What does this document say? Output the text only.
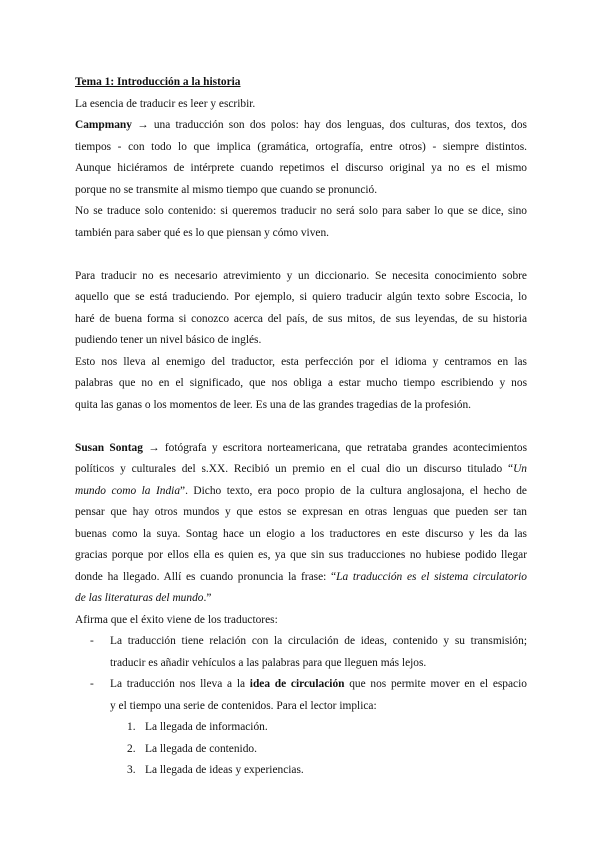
Tema 1: Introducción a la historia
La esencia de traducir es leer y escribir.
Campmany → una traducción son dos polos: hay dos lenguas, dos culturas, dos textos, dos
tiempos - con todo lo que implica (gramática, ortografía, entre otros) - siempre distintos.
Aunque hiciéramos de intérprete cuando repetimos el discurso original ya no es el mismo
porque no se transmite al mismo tiempo que cuando se pronunció.
No se traduce solo contenido: si queremos traducir no será solo para saber lo que se dice, sino
también para saber qué es lo que piensan y cómo viven.
Para traducir no es necesario atrevimiento y un diccionario. Se necesita conocimiento sobre
aquello que se está traduciendo. Por ejemplo, si quiero traducir algún texto sobre Escocia, lo
haré de buena forma si conozco acerca del país, de sus mitos, de sus leyendas, de su historia
pudiendo tener un nivel básico de inglés.
Esto nos lleva al enemigo del traductor, esta perfección por el idioma y centramos en las
palabras que no en el significado, que nos obliga a estar mucho tiempo escribiendo y nos
quita las ganas o los momentos de leer. Es una de las grandes tragedias de la profesión.
Susan Sontag → fotógrafa y escritora norteamericana, que retrataba grandes acontecimientos
políticos y culturales del s.XX. Recibió un premio en el cual dio un discurso titulado “Un
mundo como la India”. Dicho texto, era poco propio de la cultura anglosajona, el hecho de
pensar que hay otros mundos y que estos se expresan en otras lenguas que pueden ser tan
buenas como la suya. Sontag hace un elogio a los traductores en este discurso y les da las
gracias porque por ellos ella es quien es, ya que sin sus traducciones no hubiese podido llegar
donde ha llegado. Allí es cuando pronuncia la frase: “La traducción es el sistema circulatorio
de las literaturas del mundo.”
Afirma que el éxito viene de los traductores:
- La traducción tiene relación con la circulación de ideas, contenido y su transmisión;
traducir es añadir vehículos a las palabras para que lleguen más lejos.
- La traducción nos lleva a la idea de circulación que nos permite mover en el espacio
y el tiempo una serie de contenidos. Para el lector implica:
1. La llegada de información.
2. La llegada de contenido.
3. La llegada de ideas y experiencias.
